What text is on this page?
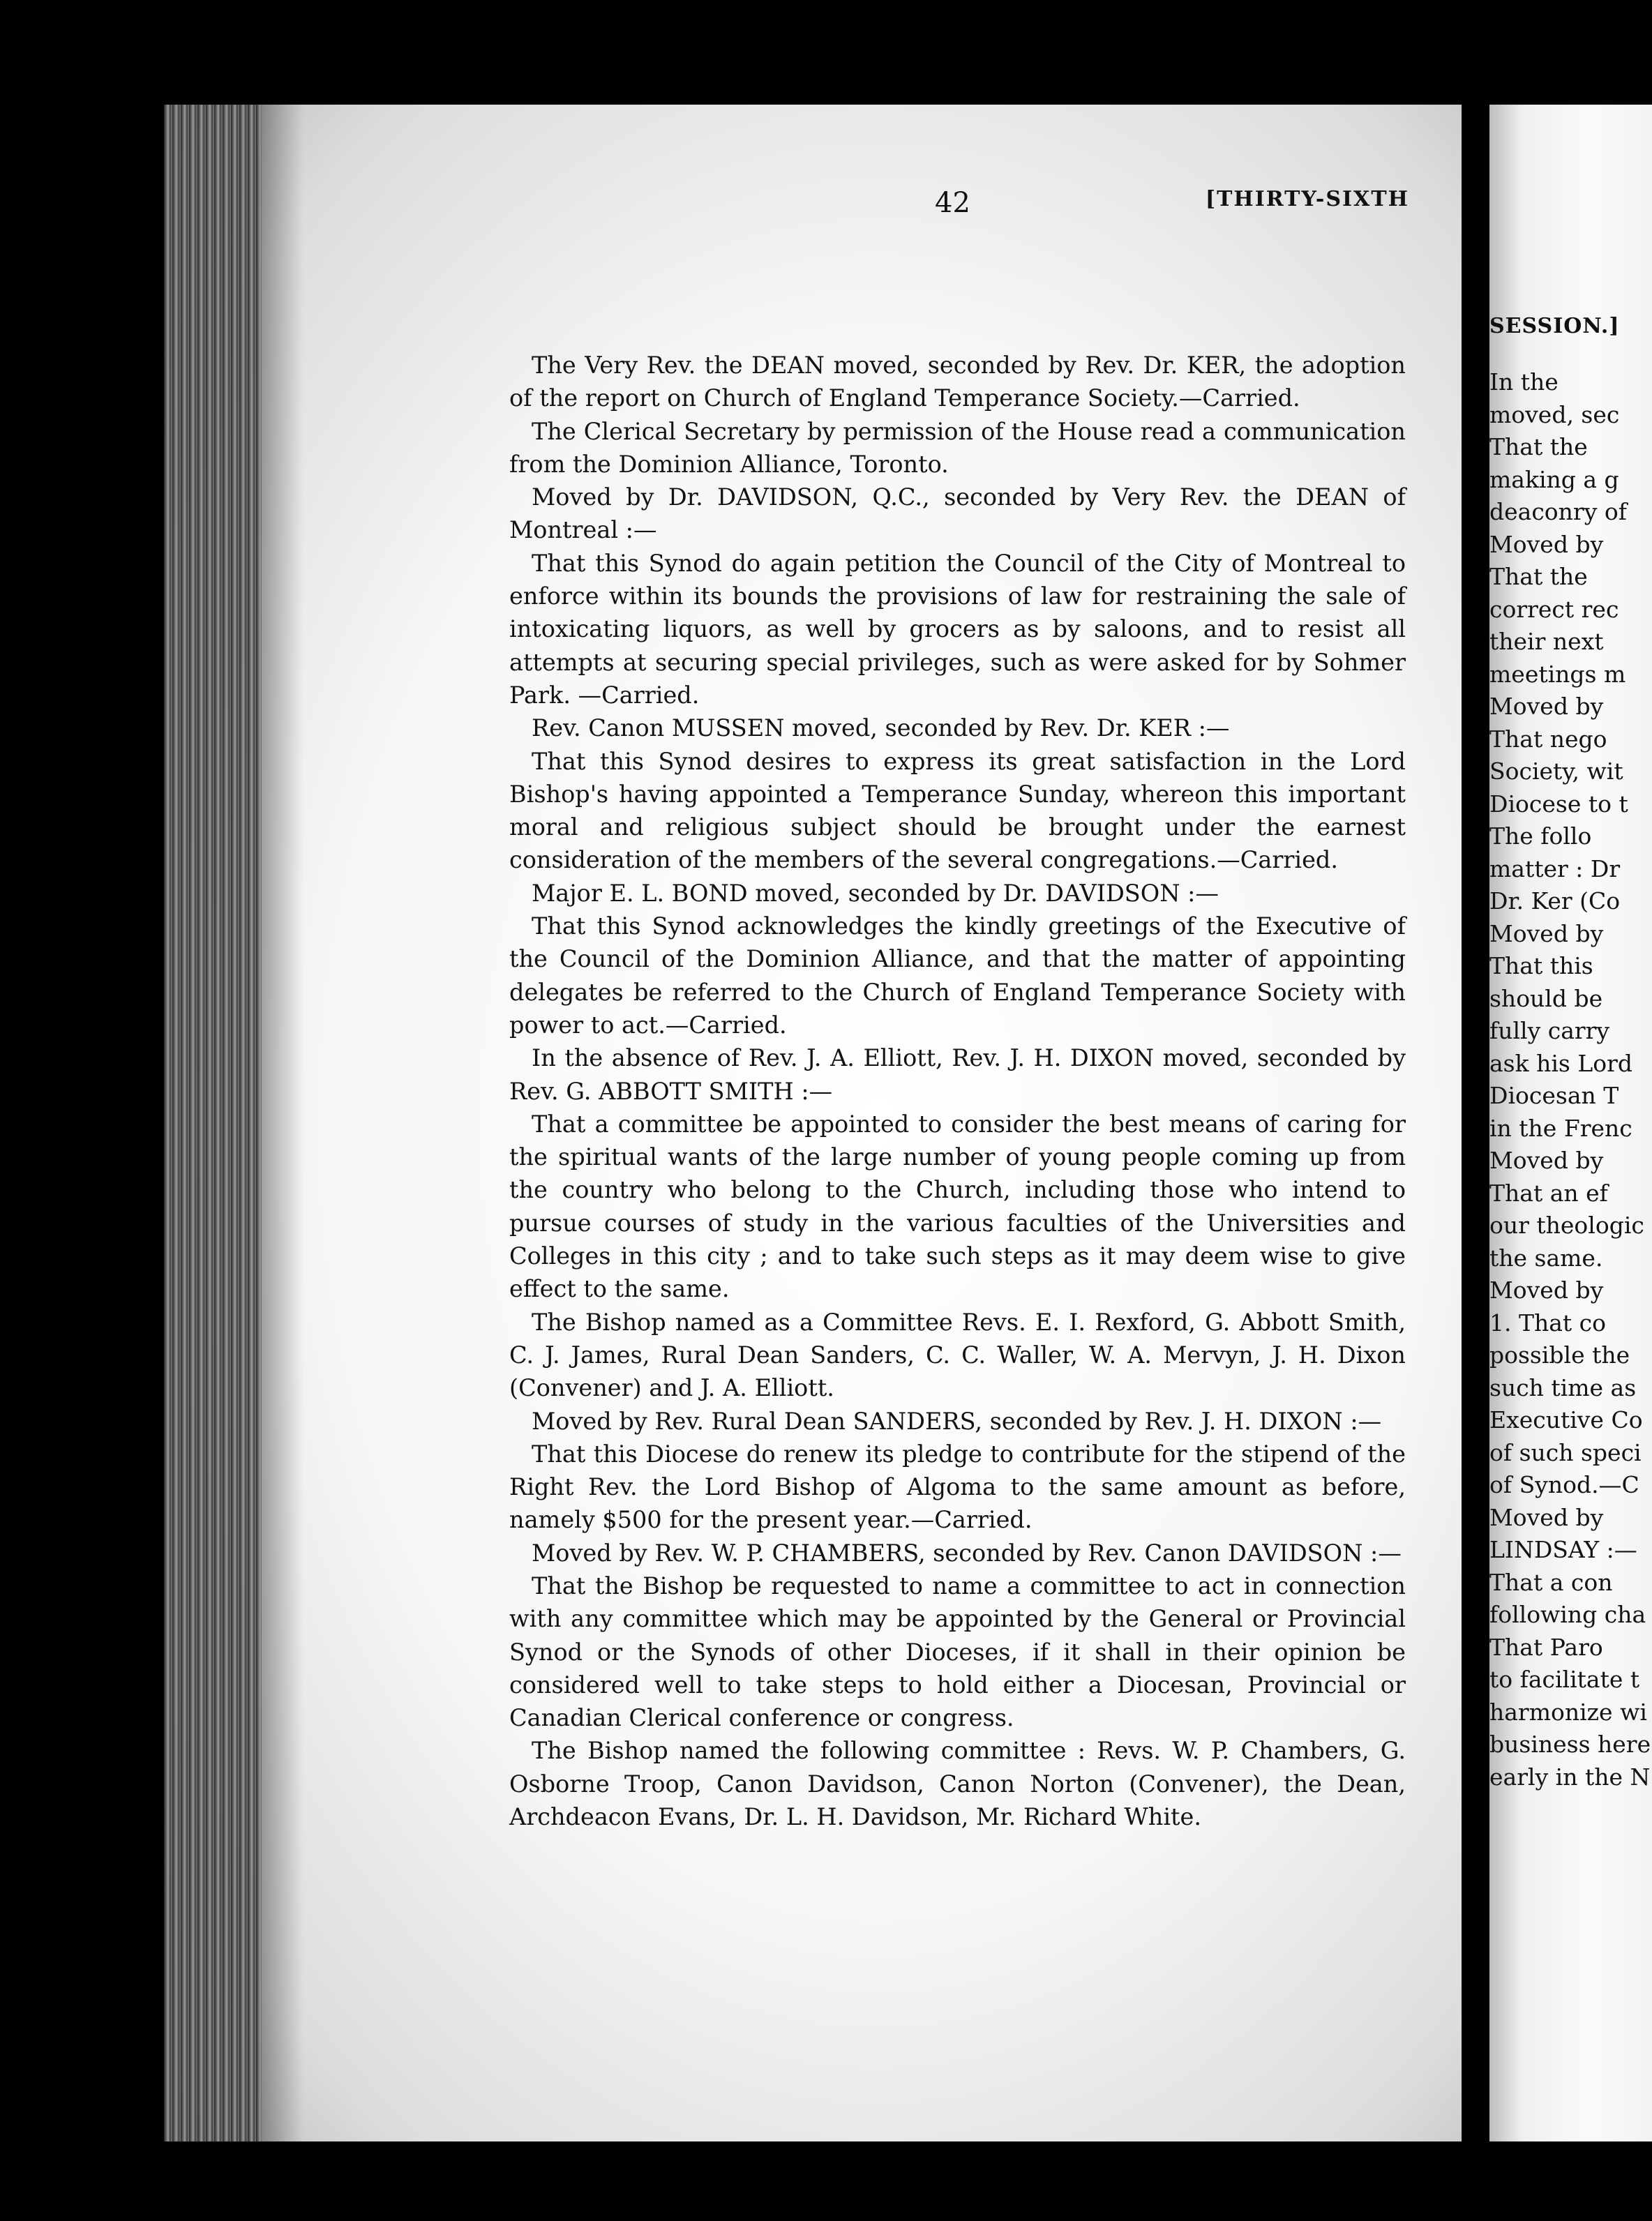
42	[THIRTY-SIXTH

The Very Rev. the DEAN moved, seconded by Rev. Dr. KER, the adoption of the report on Church of England Temperance Society.—Carried.

The Clerical Secretary by permission of the House read a communication from the Dominion Alliance, Toronto.

Moved by Dr. DAVIDSON, Q.C., seconded by Very Rev. the DEAN of Montreal :—

That this Synod do again petition the Council of the City of Montreal to enforce within its bounds the provisions of law for restraining the sale of intoxicating liquors, as well by grocers as by saloons, and to resist all attempts at securing special privileges, such as were asked for by Sohmer Park. —Carried.

Rev. Canon MUSSEN moved, seconded by Rev. Dr. KER :—

That this Synod desires to express its great satisfaction in the Lord Bishop's having appointed a Temperance Sunday, whereon this important moral and religious subject should be brought under the earnest consideration of the members of the several congregations.—Carried.

Major E. L. BOND moved, seconded by Dr. DAVIDSON :—

That this Synod acknowledges the kindly greetings of the Executive of the Council of the Dominion Alliance, and that the matter of appointing delegates be referred to the Church of England Temperance Society with power to act.—Carried.

In the absence of Rev. J. A. Elliott, Rev. J. H. DIXON moved, seconded by Rev. G. ABBOTT SMITH :—

That a committee be appointed to consider the best means of caring for the spiritual wants of the large number of young people coming up from the country who belong to the Church, including those who intend to pursue courses of study in the various faculties of the Universities and Colleges in this city ; and to take such steps as it may deem wise to give effect to the same.

The Bishop named as a Committee Revs. E. I. Rexford, G. Abbott Smith, C. J. James, Rural Dean Sanders, C. C. Waller, W. A. Mervyn, J. H. Dixon (Convener) and J. A. Elliott.

Moved by Rev. Rural Dean SANDERS, seconded by Rev. J. H. DIXON :—

That this Diocese do renew its pledge to contribute for the stipend of the Right Rev. the Lord Bishop of Algoma to the same amount as before, namely $500 for the present year.—Carried.

Moved by Rev. W. P. CHAMBERS, seconded by Rev. Canon DAVIDSON :—

That the Bishop be requested to name a committee to act in connection with any committee which may be appointed by the General or Provincial Synod or the Synods of other Dioceses, if it shall in their opinion be considered well to take steps to hold either a Diocesan, Provincial or Canadian Clerical conference or congress.

The Bishop named the following committee : Revs. W. P. Chambers, G. Osborne Troop, Canon Davidson, Canon Norton (Convener), the Dean, Archdeacon Evans, Dr. L. H. Davidson, Mr. Richard White.

SESSION.]
In the
moved, sec
That the
making a g
deaconry of
Moved by
That the
correct rec
their next
meetings m
Moved by
That nego
Society, wit
Diocese to t
The follo
matter : Dr
Dr. Ker (Co
Moved by
That this
should be
fully carry
ask his Lord
Diocesan T
in the Frenc
Moved by
That an ef
our theologic
the same.
Moved by
1. That co
possible the
such time as
Executive Co
of such speci
of Synod.—C
Moved by
LINDSAY :—
That a con
following cha
That Paro
to facilitate t
harmonize wi
business here
early in the N
